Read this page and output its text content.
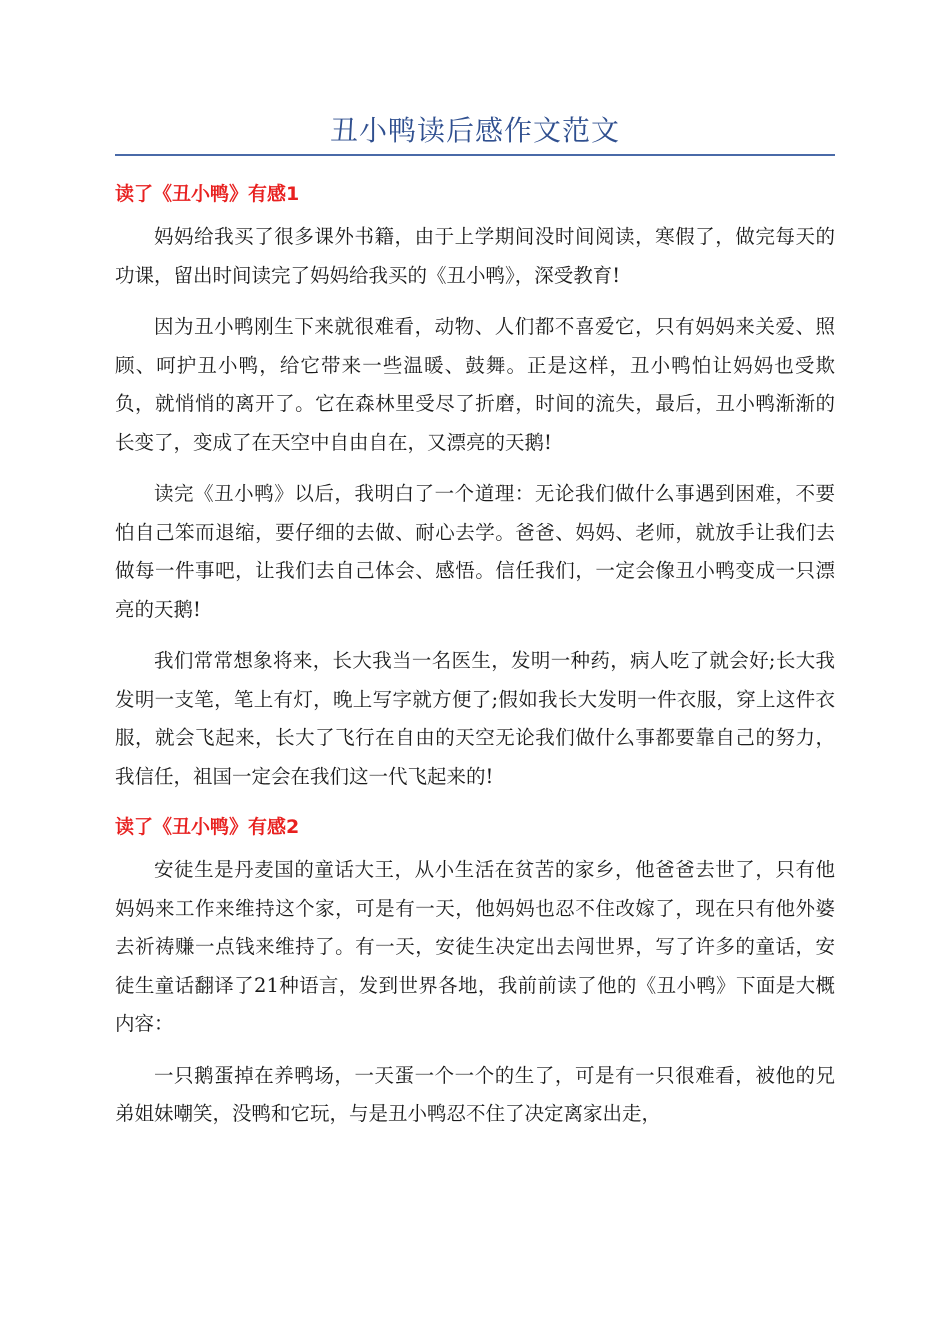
丑小鸭读后感作文范文
读了《丑小鸭》有感1

妈妈给我买了很多课外书籍，由于上学期间没时间阅读，寒假了，做完每天的功课，留出时间读完了妈妈给我买的《丑小鸭》，深受教育!

因为丑小鸭刚生下来就很难看，动物、人们都不喜爱它，只有妈妈来关爱、照顾、呵护丑小鸭，给它带来一些温暖、鼓舞。正是这样，丑小鸭怕让妈妈也受欺负，就悄悄的离开了。它在森林里受尽了折磨，时间的流失，最后，丑小鸭渐渐的长变了，变成了在天空中自由自在，又漂亮的天鹅!

读完《丑小鸭》以后，我明白了一个道理：无论我们做什么事遇到困难，不要怕自己笨而退缩，要仔细的去做、耐心去学。爸爸、妈妈、老师，就放手让我们去做每一件事吧，让我们去自己体会、感悟。信任我们，一定会像丑小鸭变成一只漂亮的天鹅!

我们常常想象将来，长大我当一名医生，发明一种药，病人吃了就会好;长大我发明一支笔，笔上有灯，晚上写字就方便了;假如我长大发明一件衣服，穿上这件衣服，就会飞起来，长大了飞行在自由的天空无论我们做什么事都要靠自己的努力，我信任，祖国一定会在我们这一代飞起来的!

读了《丑小鸭》有感2

安徒生是丹麦国的童话大王，从小生活在贫苦的家乡，他爸爸去世了，只有他妈妈来工作来维持这个家，可是有一天，他妈妈也忍不住改嫁了，现在只有他外婆去祈祷赚一点钱来维持了。有一天，安徒生决定出去闯世界，写了许多的童话，安徒生童话翻译了21种语言，发到世界各地，我前前读了他的《丑小鸭》下面是大概内容：

一只鹅蛋掉在养鸭场，一天蛋一个一个的生了，可是有一只很难看，被他的兄弟姐妹嘲笑，没鸭和它玩，与是丑小鸭忍不住了决定离家出走，
